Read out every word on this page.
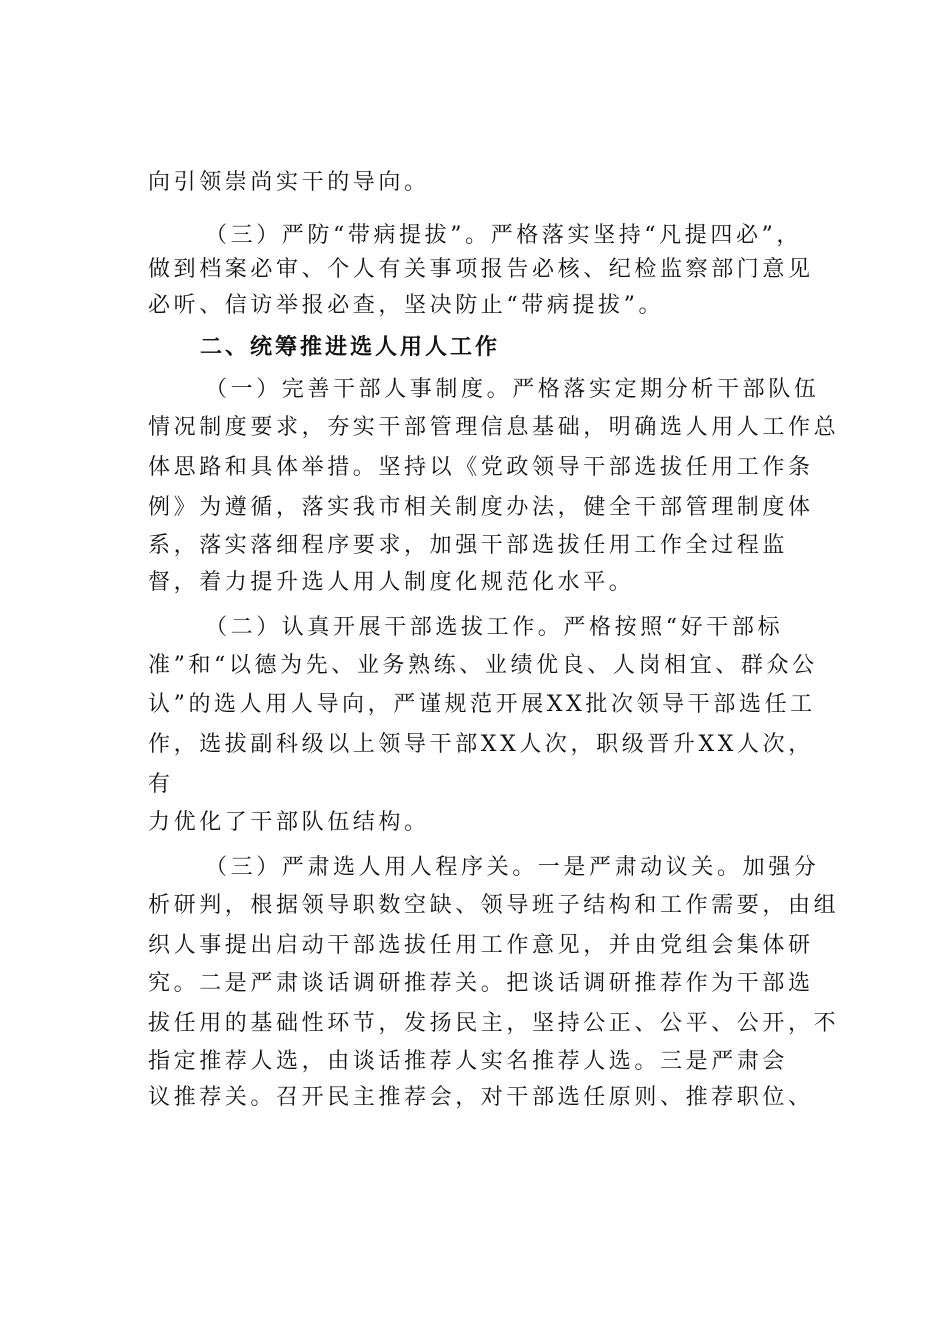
向引领崇尚实干的导向。
（三）严防“带病提拔”。严格落实坚持“凡提四必”，
做到档案必审、个人有关事项报告必核、纪检监察部门意见
必听、信访举报必查，坚决防止“带病提拔”。
二、统筹推进选人用人工作
（一）完善干部人事制度。严格落实定期分析干部队伍
情况制度要求，夯实干部管理信息基础，明确选人用人工作总
体思路和具体举措。坚持以《党政领导干部选拔任用工作条
例》为遵循，落实我市相关制度办法，健全干部管理制度体
系，落实落细程序要求，加强干部选拔任用工作全过程监
督，着力提升选人用人制度化规范化水平。
（二）认真开展干部选拔工作。严格按照“好干部标
准”和“以德为先、业务熟练、业绩优良、人岗相宜、群众公
认”的选人用人导向，严谨规范开展XX批次领导干部选任工
作，选拔副科级以上领导干部XX人次，职级晋升XX人次，
有
力优化了干部队伍结构。
（三）严肃选人用人程序关。一是严肃动议关。加强分
析研判，根据领导职数空缺、领导班子结构和工作需要，由组
织人事提出启动干部选拔任用工作意见，并由党组会集体研
究。二是严肃谈话调研推荐关。把谈话调研推荐作为干部选
拔任用的基础性环节，发扬民主，坚持公正、公平、公开，不
指定推荐人选，由谈话推荐人实名推荐人选。三是严肃会
议推荐关。召开民主推荐会，对干部选任原则、推荐职位、
